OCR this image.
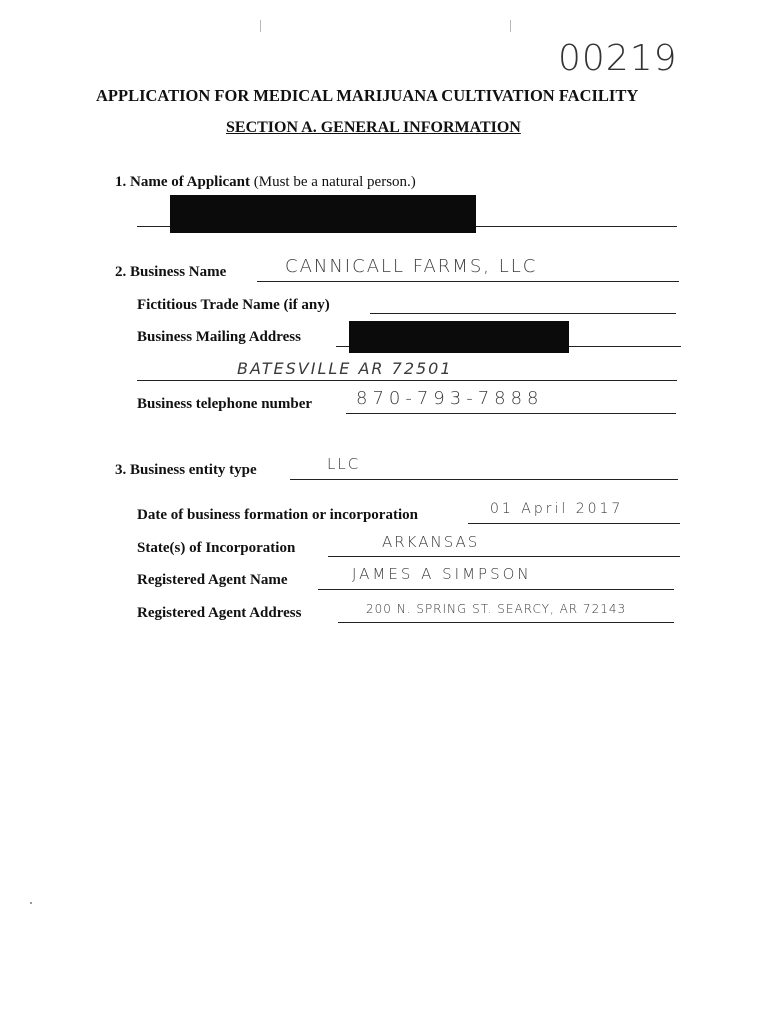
00219
APPLICATION FOR MEDICAL MARIJUANA CULTIVATION FACILITY
SECTION A. GENERAL INFORMATION
1. Name of Applicant (Must be a natural person.)
2. Business Name	CANNICALL FARMS, LLC
Fictitious Trade Name (if any)
Business Mailing Address
BATESVILLE AR 72501
Business telephone number 870-793-7888
3. Business entity type	LLC
Date of business formation or incorporation	01 April 2017
State(s) of Incorporation	ARKANSAS
Registered Agent Name	JAMES A SIMPSON
Registered Agent Address	200 N. SPRING ST. SEARCY, AR 72143
